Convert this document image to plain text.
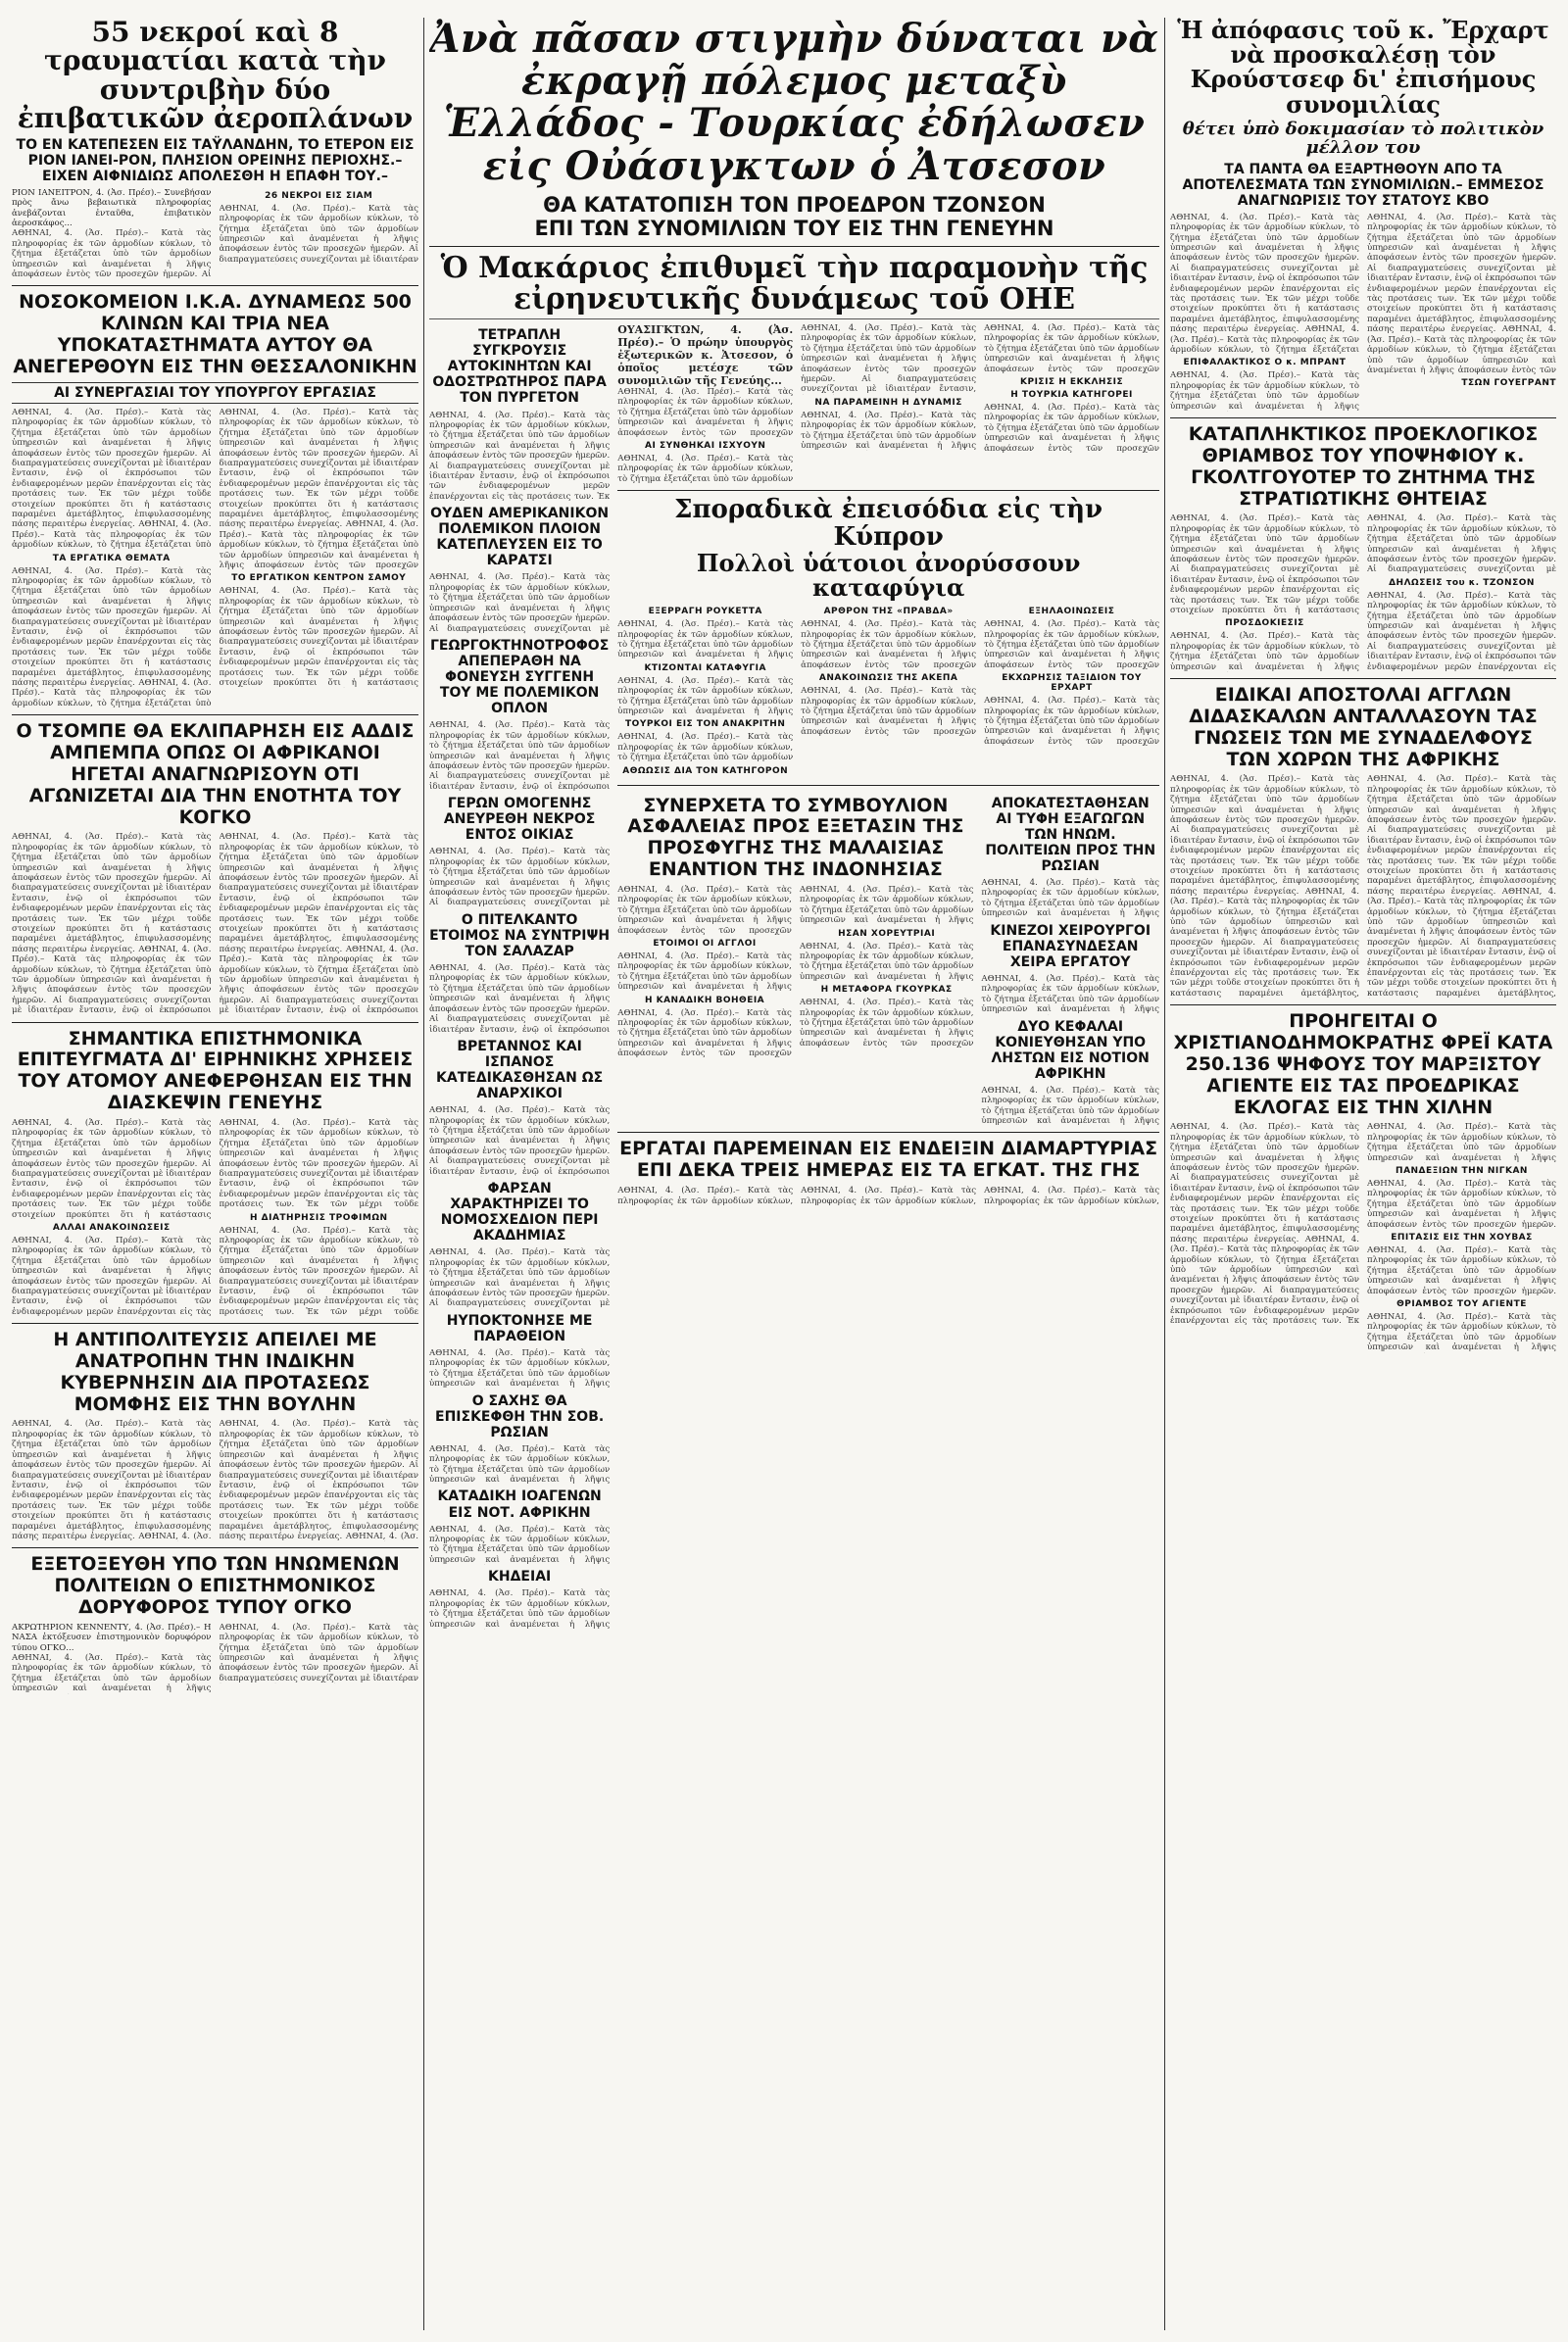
55 νεκροί καὶ 8 τραυματίαι κατὰ τὴν συντριβὴν δύο ἐπιβατικῶν ἀεροπλάνων

ΤΟ ΕΝ ΚΑΤΕΠΕΣΕΝ ΕΙΣ ΤΑΫΛΑΝΔΗΝ, ΤΟ ΕΤΕΡΟΝ ΕΙΣ ΡΙΟΝ ΙΑΝΕΙ-ΡΟΝ, ΠΛΗΣΙΟΝ ΟΡΕΙΝΗΣ ΠΕΡΙΟΧΗΣ.– ΕΙΧΕΝ ΑΙΦΝΙΔΙΩΣ ΑΠΟΛΕΣΘΗ Η ΕΠΑΦΗ ΤΟΥ.–

ΡΙΟΝ ΙΑΝΕΙΤΡΟΝ, 4. (Ἀσ. Πρέσ).– Συνεβήσαν πρὸς ἄνω βεβαιωτικὰ πληροφορίας ἀνεβάζονται ἐνταῦθα, ἐπιβατικὸν ἀεροσκάφος...

ΑΘΗΝΑΙ, 4. (Ἀσ. Πρέσ).– Κατὰ τὰς πληροφορίας ἐκ τῶν ἁρμοδίων κύκλων, τὸ ζήτημα ἐξετάζεται ὑπὸ τῶν ἀρμοδίων ὑπηρεσιῶν καὶ ἀναμένεται ἡ λῆψις ἀποφάσεων ἐντὸς τῶν προσεχῶν ἡμερῶν. Αἱ

26 ΝΕΚΡΟΙ ΕΙΣ ΣΙΑΜ

ΑΘΗΝΑΙ, 4. (Ἀσ. Πρέσ).– Κατὰ τὰς πληροφορίας ἐκ τῶν ἁρμοδίων κύκλων, τὸ ζήτημα ἐξετάζεται ὑπὸ τῶν ἀρμοδίων ὑπηρεσιῶν καὶ ἀναμένεται ἡ λῆψις ἀποφάσεων ἐντὸς τῶν προσεχῶν ἡμερῶν. Αἱ διαπραγματεύσεις συνεχίζονται μὲ ἰδιαιτέραν

ΝΟΣΟΚΟΜΕΙΟΝ Ι.Κ.Α. ΔΥΝΑΜΕΩΣ 500 ΚΛΙΝΩΝ ΚΑΙ ΤΡΙΑ ΝΕΑ ΥΠΟΚΑΤΑΣΤΗΜΑΤΑ ΑΥΤΟΥ ΘΑ ΑΝΕΓΕΡΘΟΥΝ ΕΙΣ ΤΗΝ ΘΕΣΣΑΛΟΝΙΚΗΝ

ΑΙ ΣΥΝΕΡΓΑΣΙΑΙ ΤΟΥ ΥΠΟΥΡΓΟΥ ΕΡΓΑΣΙΑΣ

ΑΘΗΝΑΙ, 4. (Ἀσ. Πρέσ).– Κατὰ τὰς πληροφορίας ἐκ τῶν ἁρμοδίων κύκλων, τὸ ζήτημα ἐξετάζεται ὑπὸ τῶν ἀρμοδίων ὑπηρεσιῶν καὶ ἀναμένεται ἡ λῆψις ἀποφάσεων ἐντὸς τῶν προσεχῶν ἡμερῶν. Αἱ διαπραγματεύσεις συνεχίζονται μὲ ἰδιαιτέραν ἔντασιν, ἐνῷ οἱ ἐκπρόσωποι τῶν ἐνδιαφερομένων μερῶν ἐπανέρχονται εἰς τὰς προτάσεις των. Ἐκ τῶν μέχρι τοῦδε στοιχείων προκύπτει ὅτι ἡ κατάστασις παραμένει ἀμετάβλητος, ἐπιφυλασσομένης πάσης περαιτέρω ἐνεργείας. ΑΘΗΝΑΙ, 4. (Ἀσ. Πρέσ).– Κατὰ τὰς πληροφορίας ἐκ τῶν ἁρμοδίων κύκλων, τὸ ζήτημα ἐξετάζεται ὑπὸ

ΤΑ ΕΡΓΑΤΙΚΑ ΘΕΜΑΤΑ

ΑΘΗΝΑΙ, 4. (Ἀσ. Πρέσ).– Κατὰ τὰς πληροφορίας ἐκ τῶν ἁρμοδίων κύκλων, τὸ ζήτημα ἐξετάζεται ὑπὸ τῶν ἀρμοδίων ὑπηρεσιῶν καὶ ἀναμένεται ἡ λῆψις ἀποφάσεων ἐντὸς τῶν προσεχῶν ἡμερῶν. Αἱ διαπραγματεύσεις συνεχίζονται μὲ ἰδιαιτέραν ἔντασιν, ἐνῷ οἱ ἐκπρόσωποι τῶν ἐνδιαφερομένων μερῶν ἐπανέρχονται εἰς τὰς προτάσεις των. Ἐκ τῶν μέχρι τοῦδε στοιχείων προκύπτει ὅτι ἡ κατάστασις παραμένει ἀμετάβλητος, ἐπιφυλασσομένης πάσης περαιτέρω ἐνεργείας. ΑΘΗΝΑΙ, 4. (Ἀσ. Πρέσ).– Κατὰ τὰς πληροφορίας ἐκ τῶν ἁρμοδίων κύκλων, τὸ ζήτημα ἐξετάζεται ὑπὸ

ΑΘΗΝΑΙ, 4. (Ἀσ. Πρέσ).– Κατὰ τὰς πληροφορίας ἐκ τῶν ἁρμοδίων κύκλων, τὸ ζήτημα ἐξετάζεται ὑπὸ τῶν ἀρμοδίων ὑπηρεσιῶν καὶ ἀναμένεται ἡ λῆψις ἀποφάσεων ἐντὸς τῶν προσεχῶν ἡμερῶν. Αἱ διαπραγματεύσεις συνεχίζονται μὲ ἰδιαιτέραν ἔντασιν, ἐνῷ οἱ ἐκπρόσωποι τῶν ἐνδιαφερομένων μερῶν ἐπανέρχονται εἰς τὰς προτάσεις των. Ἐκ τῶν μέχρι τοῦδε στοιχείων προκύπτει ὅτι ἡ κατάστασις παραμένει ἀμετάβλητος, ἐπιφυλασσομένης πάσης περαιτέρω ἐνεργείας. ΑΘΗΝΑΙ, 4. (Ἀσ. Πρέσ).– Κατὰ τὰς πληροφορίας ἐκ τῶν ἁρμοδίων κύκλων, τὸ ζήτημα ἐξετάζεται ὑπὸ τῶν ἀρμοδίων ὑπηρεσιῶν καὶ ἀναμένεται ἡ λῆψις ἀποφάσεων ἐντὸς τῶν προσεχῶν

ΤΟ ΕΡΓΑΤΙΚΟΝ ΚΕΝΤΡΟΝ ΣΑΜΟΥ

ΑΘΗΝΑΙ, 4. (Ἀσ. Πρέσ).– Κατὰ τὰς πληροφορίας ἐκ τῶν ἁρμοδίων κύκλων, τὸ ζήτημα ἐξετάζεται ὑπὸ τῶν ἀρμοδίων ὑπηρεσιῶν καὶ ἀναμένεται ἡ λῆψις ἀποφάσεων ἐντὸς τῶν προσεχῶν ἡμερῶν. Αἱ διαπραγματεύσεις συνεχίζονται μὲ ἰδιαιτέραν ἔντασιν, ἐνῷ οἱ ἐκπρόσωποι τῶν ἐνδιαφερομένων μερῶν ἐπανέρχονται εἰς τὰς προτάσεις των. Ἐκ τῶν μέχρι τοῦδε στοιχείων προκύπτει ὅτι ἡ κατάστασις

Ο ΤΣΟΜΠΕ ΘΑ ΕΚΛΙΠΑΡΗΣΗ ΕΙΣ ΑΔΔΙΣ ΑΜΠΕΜΠΑ ΟΠΩΣ ΟΙ ΑΦΡΙΚΑΝΟΙ ΗΓΕΤΑΙ ΑΝΑΓΝΩΡΙΣΟΥΝ ΟΤΙ ΑΓΩΝΙΖΕΤΑΙ ΔΙΑ ΤΗΝ ΕΝΟΤΗΤΑ ΤΟΥ ΚΟΓΚΟ

ΑΘΗΝΑΙ, 4. (Ἀσ. Πρέσ).– Κατὰ τὰς πληροφορίας ἐκ τῶν ἁρμοδίων κύκλων, τὸ ζήτημα ἐξετάζεται ὑπὸ τῶν ἀρμοδίων ὑπηρεσιῶν καὶ ἀναμένεται ἡ λῆψις ἀποφάσεων ἐντὸς τῶν προσεχῶν ἡμερῶν. Αἱ διαπραγματεύσεις συνεχίζονται μὲ ἰδιαιτέραν ἔντασιν, ἐνῷ οἱ ἐκπρόσωποι τῶν ἐνδιαφερομένων μερῶν ἐπανέρχονται εἰς τὰς προτάσεις των. Ἐκ τῶν μέχρι τοῦδε στοιχείων προκύπτει ὅτι ἡ κατάστασις παραμένει ἀμετάβλητος, ἐπιφυλασσομένης πάσης περαιτέρω ἐνεργείας. ΑΘΗΝΑΙ, 4. (Ἀσ. Πρέσ).– Κατὰ τὰς πληροφορίας ἐκ τῶν ἁρμοδίων κύκλων, τὸ ζήτημα ἐξετάζεται ὑπὸ τῶν ἀρμοδίων ὑπηρεσιῶν καὶ ἀναμένεται ἡ λῆψις ἀποφάσεων ἐντὸς τῶν προσεχῶν ἡμερῶν. Αἱ διαπραγματεύσεις συνεχίζονται μὲ ἰδιαιτέραν ἔντασιν, ἐνῷ οἱ ἐκπρόσωποι

ΑΘΗΝΑΙ, 4. (Ἀσ. Πρέσ).– Κατὰ τὰς πληροφορίας ἐκ τῶν ἁρμοδίων κύκλων, τὸ ζήτημα ἐξετάζεται ὑπὸ τῶν ἀρμοδίων ὑπηρεσιῶν καὶ ἀναμένεται ἡ λῆψις ἀποφάσεων ἐντὸς τῶν προσεχῶν ἡμερῶν. Αἱ διαπραγματεύσεις συνεχίζονται μὲ ἰδιαιτέραν ἔντασιν, ἐνῷ οἱ ἐκπρόσωποι τῶν ἐνδιαφερομένων μερῶν ἐπανέρχονται εἰς τὰς προτάσεις των. Ἐκ τῶν μέχρι τοῦδε στοιχείων προκύπτει ὅτι ἡ κατάστασις παραμένει ἀμετάβλητος, ἐπιφυλασσομένης πάσης περαιτέρω ἐνεργείας. ΑΘΗΝΑΙ, 4. (Ἀσ. Πρέσ).– Κατὰ τὰς πληροφορίας ἐκ τῶν ἁρμοδίων κύκλων, τὸ ζήτημα ἐξετάζεται ὑπὸ τῶν ἀρμοδίων ὑπηρεσιῶν καὶ ἀναμένεται ἡ λῆψις ἀποφάσεων ἐντὸς τῶν προσεχῶν ἡμερῶν. Αἱ διαπραγματεύσεις συνεχίζονται μὲ ἰδιαιτέραν ἔντασιν, ἐνῷ οἱ ἐκπρόσωποι

ΣΗΜΑΝΤΙΚΑ ΕΠΙΣΤΗΜΟΝΙΚΑ ΕΠΙΤΕΥΓΜΑΤΑ ΔΙ' ΕΙΡΗΝΙΚΗΣ ΧΡΗΣΕΙΣ ΤΟΥ ΑΤΟΜΟΥ ΑΝΕΦΕΡΘΗΣΑΝ ΕΙΣ ΤΗΝ ΔΙΑΣΚΕΨΙΝ ΓΕΝΕΥΗΣ

ΑΘΗΝΑΙ, 4. (Ἀσ. Πρέσ).– Κατὰ τὰς πληροφορίας ἐκ τῶν ἁρμοδίων κύκλων, τὸ ζήτημα ἐξετάζεται ὑπὸ τῶν ἀρμοδίων ὑπηρεσιῶν καὶ ἀναμένεται ἡ λῆψις ἀποφάσεων ἐντὸς τῶν προσεχῶν ἡμερῶν. Αἱ διαπραγματεύσεις συνεχίζονται μὲ ἰδιαιτέραν ἔντασιν, ἐνῷ οἱ ἐκπρόσωποι τῶν ἐνδιαφερομένων μερῶν ἐπανέρχονται εἰς τὰς προτάσεις των. Ἐκ τῶν μέχρι τοῦδε στοιχείων προκύπτει ὅτι ἡ κατάστασις

ΑΛΛΑΙ ΑΝΑΚΟΙΝΩΣΕΙΣ

ΑΘΗΝΑΙ, 4. (Ἀσ. Πρέσ).– Κατὰ τὰς πληροφορίας ἐκ τῶν ἁρμοδίων κύκλων, τὸ ζήτημα ἐξετάζεται ὑπὸ τῶν ἀρμοδίων ὑπηρεσιῶν καὶ ἀναμένεται ἡ λῆψις ἀποφάσεων ἐντὸς τῶν προσεχῶν ἡμερῶν. Αἱ διαπραγματεύσεις συνεχίζονται μὲ ἰδιαιτέραν ἔντασιν, ἐνῷ οἱ ἐκπρόσωποι τῶν ἐνδιαφερομένων μερῶν ἐπανέρχονται εἰς τὰς

ΑΘΗΝΑΙ, 4. (Ἀσ. Πρέσ).– Κατὰ τὰς πληροφορίας ἐκ τῶν ἁρμοδίων κύκλων, τὸ ζήτημα ἐξετάζεται ὑπὸ τῶν ἀρμοδίων ὑπηρεσιῶν καὶ ἀναμένεται ἡ λῆψις ἀποφάσεων ἐντὸς τῶν προσεχῶν ἡμερῶν. Αἱ διαπραγματεύσεις συνεχίζονται μὲ ἰδιαιτέραν ἔντασιν, ἐνῷ οἱ ἐκπρόσωποι τῶν ἐνδιαφερομένων μερῶν ἐπανέρχονται εἰς τὰς προτάσεις των. Ἐκ τῶν μέχρι τοῦδε

Η ΔΙΑΤΗΡΗΣΙΣ ΤΡΟΦΙΜΩΝ

ΑΘΗΝΑΙ, 4. (Ἀσ. Πρέσ).– Κατὰ τὰς πληροφορίας ἐκ τῶν ἁρμοδίων κύκλων, τὸ ζήτημα ἐξετάζεται ὑπὸ τῶν ἀρμοδίων ὑπηρεσιῶν καὶ ἀναμένεται ἡ λῆψις ἀποφάσεων ἐντὸς τῶν προσεχῶν ἡμερῶν. Αἱ διαπραγματεύσεις συνεχίζονται μὲ ἰδιαιτέραν ἔντασιν, ἐνῷ οἱ ἐκπρόσωποι τῶν ἐνδιαφερομένων μερῶν ἐπανέρχονται εἰς τὰς προτάσεις των. Ἐκ τῶν μέχρι τοῦδε

Η ΑΝΤΙΠΟΛΙΤΕΥΣΙΣ ΑΠΕΙΛΕΙ ΜΕ ΑΝΑΤΡΟΠΗΝ ΤΗΝ ΙΝΔΙΚΗΝ ΚΥΒΕΡΝΗΣΙΝ ΔΙΑ ΠΡΟΤΑΣΕΩΣ ΜΟΜΦΗΣ ΕΙΣ ΤΗΝ ΒΟΥΛΗΝ

ΑΘΗΝΑΙ, 4. (Ἀσ. Πρέσ).– Κατὰ τὰς πληροφορίας ἐκ τῶν ἁρμοδίων κύκλων, τὸ ζήτημα ἐξετάζεται ὑπὸ τῶν ἀρμοδίων ὑπηρεσιῶν καὶ ἀναμένεται ἡ λῆψις ἀποφάσεων ἐντὸς τῶν προσεχῶν ἡμερῶν. Αἱ διαπραγματεύσεις συνεχίζονται μὲ ἰδιαιτέραν ἔντασιν, ἐνῷ οἱ ἐκπρόσωποι τῶν ἐνδιαφερομένων μερῶν ἐπανέρχονται εἰς τὰς προτάσεις των. Ἐκ τῶν μέχρι τοῦδε στοιχείων προκύπτει ὅτι ἡ κατάστασις παραμένει ἀμετάβλητος, ἐπιφυλασσομένης πάσης περαιτέρω ἐνεργείας. ΑΘΗΝΑΙ, 4. (Ἀσ.

ΑΘΗΝΑΙ, 4. (Ἀσ. Πρέσ).– Κατὰ τὰς πληροφορίας ἐκ τῶν ἁρμοδίων κύκλων, τὸ ζήτημα ἐξετάζεται ὑπὸ τῶν ἀρμοδίων ὑπηρεσιῶν καὶ ἀναμένεται ἡ λῆψις ἀποφάσεων ἐντὸς τῶν προσεχῶν ἡμερῶν. Αἱ διαπραγματεύσεις συνεχίζονται μὲ ἰδιαιτέραν ἔντασιν, ἐνῷ οἱ ἐκπρόσωποι τῶν ἐνδιαφερομένων μερῶν ἐπανέρχονται εἰς τὰς προτάσεις των. Ἐκ τῶν μέχρι τοῦδε στοιχείων προκύπτει ὅτι ἡ κατάστασις παραμένει ἀμετάβλητος, ἐπιφυλασσομένης πάσης περαιτέρω ἐνεργείας. ΑΘΗΝΑΙ, 4. (Ἀσ.

ΕΞΕΤΟΞΕΥΘΗ ΥΠΟ ΤΩΝ ΗΝΩΜΕΝΩΝ ΠΟΛΙΤΕΙΩΝ Ο ΕΠΙΣΤΗΜΟΝΙΚΟΣ ΔΟΡΥΦΟΡΟΣ ΤΥΠΟΥ ΟΓΚΟ

ΑΚΡΩΤΗΡΙΟΝ ΚΕΝΝΕΝΤΥ, 4. (Ἀσ. Πρέσ).– Η ΝΑΣΑ ἐκτόξευσεν ἐπιστημονικὸν δορυφόρον τύπου ΟΓΚΟ...

ΑΘΗΝΑΙ, 4. (Ἀσ. Πρέσ).– Κατὰ τὰς πληροφορίας ἐκ τῶν ἁρμοδίων κύκλων, τὸ ζήτημα ἐξετάζεται ὑπὸ τῶν ἀρμοδίων ὑπηρεσιῶν καὶ ἀναμένεται ἡ λῆψις

ΑΘΗΝΑΙ, 4. (Ἀσ. Πρέσ).– Κατὰ τὰς πληροφορίας ἐκ τῶν ἁρμοδίων κύκλων, τὸ ζήτημα ἐξετάζεται ὑπὸ τῶν ἀρμοδίων ὑπηρεσιῶν καὶ ἀναμένεται ἡ λῆψις ἀποφάσεων ἐντὸς τῶν προσεχῶν ἡμερῶν. Αἱ διαπραγματεύσεις συνεχίζονται μὲ ἰδιαιτέραν

Ἀνὰ πᾶσαν στιγμὴν δύναται νὰ ἐκραγῇ πόλεμος μεταξὺ Ἑλλάδος - Τουρκίας ἐδήλωσεν εἰς Οὐάσιγκτων ὁ Ἀτσεσον

ΘΑ ΚΑΤΑΤΟΠΙΣΗ ΤΟΝ ΠΡΟΕΔΡΟΝ ΤΖΟΝΣΟΝ

ΕΠΙ ΤΩΝ ΣΥΝΟΜΙΛΙΩΝ ΤΟΥ ΕΙΣ ΤΗΝ ΓΕΝΕΥΗΝ

Ὁ Μακάριος ἐπιθυμεῖ τὴν παραμονὴν τῆς εἰρηνευτικῆς δυνάμεως τοῦ ΟΗΕ

ΤΕΤΡΑΠΛΗ ΣΥΓΚΡΟΥΣΙΣ ΑΥΤΟΚΙΝΗΤΩΝ ΚΑΙ ΟΔΟΣΤΡΩΤΗΡΟΣ ΠΑΡΑ ΤΟΝ ΠΥΡΓΕΤΟΝ

ΑΘΗΝΑΙ, 4. (Ἀσ. Πρέσ).– Κατὰ τὰς πληροφορίας ἐκ τῶν ἁρμοδίων κύκλων, τὸ ζήτημα ἐξετάζεται ὑπὸ τῶν ἀρμοδίων ὑπηρεσιῶν καὶ ἀναμένεται ἡ λῆψις ἀποφάσεων ἐντὸς τῶν προσεχῶν ἡμερῶν. Αἱ διαπραγματεύσεις συνεχίζονται μὲ ἰδιαιτέραν ἔντασιν, ἐνῷ οἱ ἐκπρόσωποι τῶν ἐνδιαφερομένων μερῶν ἐπανέρχονται εἰς τὰς προτάσεις των. Ἐκ

ΟΥΔΕΝ ΑΜΕΡΙΚΑΝΙΚΟΝ ΠΟΛΕΜΙΚΟΝ ΠΛΟΙΟΝ ΚΑΤΕΠΛΕΥΣΕΝ ΕΙΣ ΤΟ ΚΑΡΑΤΣΙ

ΑΘΗΝΑΙ, 4. (Ἀσ. Πρέσ).– Κατὰ τὰς πληροφορίας ἐκ τῶν ἁρμοδίων κύκλων, τὸ ζήτημα ἐξετάζεται ὑπὸ τῶν ἀρμοδίων ὑπηρεσιῶν καὶ ἀναμένεται ἡ λῆψις ἀποφάσεων ἐντὸς τῶν προσεχῶν ἡμερῶν. Αἱ διαπραγματεύσεις συνεχίζονται μὲ

ΓΕΩΡΓΟΚΤΗΝΟΤΡΟΦΟΣ ΑΠΕΠΕΡΑΘΗ ΝΑ ΦΟΝΕΥΣΗ ΣΥΓΓΕΝΗ ΤΟΥ ΜΕ ΠΟΛΕΜΙΚΟΝ ΟΠΛΟΝ

ΑΘΗΝΑΙ, 4. (Ἀσ. Πρέσ).– Κατὰ τὰς πληροφορίας ἐκ τῶν ἁρμοδίων κύκλων, τὸ ζήτημα ἐξετάζεται ὑπὸ τῶν ἀρμοδίων ὑπηρεσιῶν καὶ ἀναμένεται ἡ λῆψις ἀποφάσεων ἐντὸς τῶν προσεχῶν ἡμερῶν. Αἱ διαπραγματεύσεις συνεχίζονται μὲ ἰδιαιτέραν ἔντασιν, ἐνῷ οἱ ἐκπρόσωποι

ΓΕΡΩΝ ΟΜΟΓΕΝΗΣ ΑΝΕΥΡΕΘΗ ΝΕΚΡΟΣ ΕΝΤΟΣ ΟΙΚΙΑΣ

ΑΘΗΝΑΙ, 4. (Ἀσ. Πρέσ).– Κατὰ τὰς πληροφορίας ἐκ τῶν ἁρμοδίων κύκλων, τὸ ζήτημα ἐξετάζεται ὑπὸ τῶν ἀρμοδίων ὑπηρεσιῶν καὶ ἀναμένεται ἡ λῆψις ἀποφάσεων ἐντὸς τῶν προσεχῶν ἡμερῶν. Αἱ διαπραγματεύσεις συνεχίζονται μὲ

Ο ΠΙΤΕΛΚΑΝΤΟ ΕΤΟΙΜΟΣ ΝΑ ΣΥΝΤΡΙΨΗ ΤΟΝ ΣΑΛΑΖΑΡ

ΑΘΗΝΑΙ, 4. (Ἀσ. Πρέσ).– Κατὰ τὰς πληροφορίας ἐκ τῶν ἁρμοδίων κύκλων, τὸ ζήτημα ἐξετάζεται ὑπὸ τῶν ἀρμοδίων ὑπηρεσιῶν καὶ ἀναμένεται ἡ λῆψις ἀποφάσεων ἐντὸς τῶν προσεχῶν ἡμερῶν. Αἱ διαπραγματεύσεις συνεχίζονται μὲ ἰδιαιτέραν ἔντασιν, ἐνῷ οἱ ἐκπρόσωποι

ΒΡΕΤΑΝΝΟΣ ΚΑΙ ΙΣΠΑΝΟΣ ΚΑΤΕΔΙΚΑΣΘΗΣΑΝ ΩΣ ΑΝΑΡΧΙΚΟΙ

ΑΘΗΝΑΙ, 4. (Ἀσ. Πρέσ).– Κατὰ τὰς πληροφορίας ἐκ τῶν ἁρμοδίων κύκλων, τὸ ζήτημα ἐξετάζεται ὑπὸ τῶν ἀρμοδίων ὑπηρεσιῶν καὶ ἀναμένεται ἡ λῆψις ἀποφάσεων ἐντὸς τῶν προσεχῶν ἡμερῶν. Αἱ διαπραγματεύσεις συνεχίζονται μὲ ἰδιαιτέραν ἔντασιν, ἐνῷ οἱ ἐκπρόσωποι

ΦΑΡΣΑΝ ΧΑΡΑΚΤΗΡΙΖΕΙ ΤΟ ΝΟΜΟΣΧΕΔΙΟΝ ΠΕΡΙ ΑΚΑΔΗΜΙΑΣ

ΑΘΗΝΑΙ, 4. (Ἀσ. Πρέσ).– Κατὰ τὰς πληροφορίας ἐκ τῶν ἁρμοδίων κύκλων, τὸ ζήτημα ἐξετάζεται ὑπὸ τῶν ἀρμοδίων ὑπηρεσιῶν καὶ ἀναμένεται ἡ λῆψις ἀποφάσεων ἐντὸς τῶν προσεχῶν ἡμερῶν. Αἱ διαπραγματεύσεις συνεχίζονται μὲ

ΗΥΠΟΚΤΟΝΗΣΕ ΜΕ ΠΑΡΑΘΕΙΟΝ

ΑΘΗΝΑΙ, 4. (Ἀσ. Πρέσ).– Κατὰ τὰς πληροφορίας ἐκ τῶν ἁρμοδίων κύκλων, τὸ ζήτημα ἐξετάζεται ὑπὸ τῶν ἀρμοδίων ὑπηρεσιῶν καὶ ἀναμένεται ἡ λῆψις

Ο ΣΑΧΗΣ ΘΑ ΕΠΙΣΚΕΦΘΗ ΤΗΝ ΣΟΒ. ΡΩΣΙΑΝ

ΑΘΗΝΑΙ, 4. (Ἀσ. Πρέσ).– Κατὰ τὰς πληροφορίας ἐκ τῶν ἁρμοδίων κύκλων, τὸ ζήτημα ἐξετάζεται ὑπὸ τῶν ἀρμοδίων ὑπηρεσιῶν καὶ ἀναμένεται ἡ λῆψις

ΚΑΤΑΔΙΚΗ ΙΟΑΓΕΝΩΝ ΕΙΣ ΝΟΤ. ΑΦΡΙΚΗΝ

ΑΘΗΝΑΙ, 4. (Ἀσ. Πρέσ).– Κατὰ τὰς πληροφορίας ἐκ τῶν ἁρμοδίων κύκλων, τὸ ζήτημα ἐξετάζεται ὑπὸ τῶν ἀρμοδίων ὑπηρεσιῶν καὶ ἀναμένεται ἡ λῆψις

ΚΗΔΕΙΑΙ

ΑΘΗΝΑΙ, 4. (Ἀσ. Πρέσ).– Κατὰ τὰς πληροφορίας ἐκ τῶν ἁρμοδίων κύκλων, τὸ ζήτημα ἐξετάζεται ὑπὸ τῶν ἀρμοδίων ὑπηρεσιῶν καὶ ἀναμένεται ἡ λῆψις

ΟΥΑΣΙΓΚΤΩΝ, 4. (Ἀσ. Πρέσ).– Ὁ πρώην ὑπουργὸς ἐξωτερικῶν κ. Ἀτσεσον, ὁ ὁποῖος μετέσχε τῶν συνομιλιῶν τῆς Γενεύης...

ΑΘΗΝΑΙ, 4. (Ἀσ. Πρέσ).– Κατὰ τὰς πληροφορίας ἐκ τῶν ἁρμοδίων κύκλων, τὸ ζήτημα ἐξετάζεται ὑπὸ τῶν ἀρμοδίων ὑπηρεσιῶν καὶ ἀναμένεται ἡ λῆψις ἀποφάσεων ἐντὸς τῶν προσεχῶν

ΑΙ ΣΥΝΘΗΚΑΙ ΙΣΧΥΟΥΝ

ΑΘΗΝΑΙ, 4. (Ἀσ. Πρέσ).– Κατὰ τὰς πληροφορίας ἐκ τῶν ἁρμοδίων κύκλων, τὸ ζήτημα ἐξετάζεται ὑπὸ τῶν ἀρμοδίων

ΑΘΗΝΑΙ, 4. (Ἀσ. Πρέσ).– Κατὰ τὰς πληροφορίας ἐκ τῶν ἁρμοδίων κύκλων, τὸ ζήτημα ἐξετάζεται ὑπὸ τῶν ἀρμοδίων ὑπηρεσιῶν καὶ ἀναμένεται ἡ λῆψις ἀποφάσεων ἐντὸς τῶν προσεχῶν ἡμερῶν. Αἱ διαπραγματεύσεις συνεχίζονται μὲ ἰδιαιτέραν ἔντασιν,

ΝΑ ΠΑΡΑΜΕΙΝΗ Η ΔΥΝΑΜΙΣ

ΑΘΗΝΑΙ, 4. (Ἀσ. Πρέσ).– Κατὰ τὰς πληροφορίας ἐκ τῶν ἁρμοδίων κύκλων, τὸ ζήτημα ἐξετάζεται ὑπὸ τῶν ἀρμοδίων ὑπηρεσιῶν καὶ ἀναμένεται ἡ λῆψις

ΑΘΗΝΑΙ, 4. (Ἀσ. Πρέσ).– Κατὰ τὰς πληροφορίας ἐκ τῶν ἁρμοδίων κύκλων, τὸ ζήτημα ἐξετάζεται ὑπὸ τῶν ἀρμοδίων ὑπηρεσιῶν καὶ ἀναμένεται ἡ λῆψις ἀποφάσεων ἐντὸς τῶν προσεχῶν

ΚΡΙΣΙΣ Η ΕΚΚΛΗΣΙΣ

Η ΤΟΥΡΚΙΑ ΚΑΤΗΓΟΡΕΙ

ΑΘΗΝΑΙ, 4. (Ἀσ. Πρέσ).– Κατὰ τὰς πληροφορίας ἐκ τῶν ἁρμοδίων κύκλων, τὸ ζήτημα ἐξετάζεται ὑπὸ τῶν ἀρμοδίων ὑπηρεσιῶν καὶ ἀναμένεται ἡ λῆψις ἀποφάσεων ἐντὸς τῶν προσεχῶν

Σποραδικὰ ἐπεισόδια εἰς τὴν Κύπρον
Πολλοὶ ὑάτοιοι ἀνορύσσουν καταφύγια

ΕΞΕΡΡΑΓΗ ΡΟΥΚΕΤΤΑ

ΑΘΗΝΑΙ, 4. (Ἀσ. Πρέσ).– Κατὰ τὰς πληροφορίας ἐκ τῶν ἁρμοδίων κύκλων, τὸ ζήτημα ἐξετάζεται ὑπὸ τῶν ἀρμοδίων ὑπηρεσιῶν καὶ ἀναμένεται ἡ λῆψις

ΚΤΙΖΟΝΤΑΙ ΚΑΤΑΦΥΓΙΑ

ΑΘΗΝΑΙ, 4. (Ἀσ. Πρέσ).– Κατὰ τὰς πληροφορίας ἐκ τῶν ἁρμοδίων κύκλων, τὸ ζήτημα ἐξετάζεται ὑπὸ τῶν ἀρμοδίων ὑπηρεσιῶν καὶ ἀναμένεται ἡ λῆψις

ΤΟΥΡΚΟΙ ΕΙΣ ΤΟΝ ΑΝΑΚΡΙΤΗΝ

ΑΘΗΝΑΙ, 4. (Ἀσ. Πρέσ).– Κατὰ τὰς πληροφορίας ἐκ τῶν ἁρμοδίων κύκλων, τὸ ζήτημα ἐξετάζεται ὑπὸ τῶν ἀρμοδίων

ΑΘΩΩΣΙΣ ΔΙΑ ΤΟΝ ΚΑΤΗΓΟΡΟΝ

ΑΡΘΡΟΝ ΤΗΣ «ΠΡΑΒΔΑ»

ΑΘΗΝΑΙ, 4. (Ἀσ. Πρέσ).– Κατὰ τὰς πληροφορίας ἐκ τῶν ἁρμοδίων κύκλων, τὸ ζήτημα ἐξετάζεται ὑπὸ τῶν ἀρμοδίων ὑπηρεσιῶν καὶ ἀναμένεται ἡ λῆψις ἀποφάσεων ἐντὸς τῶν προσεχῶν

ΑΝΑΚΟΙΝΩΣΙΣ ΤΗΣ ΑΚΕΠΑ

ΑΘΗΝΑΙ, 4. (Ἀσ. Πρέσ).– Κατὰ τὰς πληροφορίας ἐκ τῶν ἁρμοδίων κύκλων, τὸ ζήτημα ἐξετάζεται ὑπὸ τῶν ἀρμοδίων ὑπηρεσιῶν καὶ ἀναμένεται ἡ λῆψις ἀποφάσεων ἐντὸς τῶν προσεχῶν

ΕΞΗΛΑΟΙΝΩΣΕΙΣ

ΑΘΗΝΑΙ, 4. (Ἀσ. Πρέσ).– Κατὰ τὰς πληροφορίας ἐκ τῶν ἁρμοδίων κύκλων, τὸ ζήτημα ἐξετάζεται ὑπὸ τῶν ἀρμοδίων ὑπηρεσιῶν καὶ ἀναμένεται ἡ λῆψις ἀποφάσεων ἐντὸς τῶν προσεχῶν

ΕΚΧΩΡΗΣΙΣ ΤΑΞΙΔΙΟΝ ΤΟΥ ΕΡΧΑΡΤ

ΑΘΗΝΑΙ, 4. (Ἀσ. Πρέσ).– Κατὰ τὰς πληροφορίας ἐκ τῶν ἁρμοδίων κύκλων, τὸ ζήτημα ἐξετάζεται ὑπὸ τῶν ἀρμοδίων ὑπηρεσιῶν καὶ ἀναμένεται ἡ λῆψις ἀποφάσεων ἐντὸς τῶν προσεχῶν

ΣΥΝΕΡΧΕΤΑ ΤΟ ΣΥΜΒΟΥΛΙΟΝ ΑΣΦΑΛΕΙΑΣ ΠΡΟΣ ΕΞΕΤΑΣΙΝ ΤΗΣ ΠΡΟΣΦΥΓΗΣ ΤΗΣ ΜΑΛΑΙΣΙΑΣ ΕΝΑΝΤΙΟΝ ΤΗΣ ΙΝΔΟΝΗΣΙΑΣ

ΑΘΗΝΑΙ, 4. (Ἀσ. Πρέσ).– Κατὰ τὰς πληροφορίας ἐκ τῶν ἁρμοδίων κύκλων, τὸ ζήτημα ἐξετάζεται ὑπὸ τῶν ἀρμοδίων ὑπηρεσιῶν καὶ ἀναμένεται ἡ λῆψις ἀποφάσεων ἐντὸς τῶν προσεχῶν

ΕΤΟΙΜΟΙ ΟΙ ΑΓΓΛΟΙ

ΑΘΗΝΑΙ, 4. (Ἀσ. Πρέσ).– Κατὰ τὰς πληροφορίας ἐκ τῶν ἁρμοδίων κύκλων, τὸ ζήτημα ἐξετάζεται ὑπὸ τῶν ἀρμοδίων ὑπηρεσιῶν καὶ ἀναμένεται ἡ λῆψις

Η ΚΑΝΑΔΙΚΗ ΒΟΗΘΕΙΑ

ΑΘΗΝΑΙ, 4. (Ἀσ. Πρέσ).– Κατὰ τὰς πληροφορίας ἐκ τῶν ἁρμοδίων κύκλων, τὸ ζήτημα ἐξετάζεται ὑπὸ τῶν ἀρμοδίων ὑπηρεσιῶν καὶ ἀναμένεται ἡ λῆψις ἀποφάσεων ἐντὸς τῶν προσεχῶν

ΑΘΗΝΑΙ, 4. (Ἀσ. Πρέσ).– Κατὰ τὰς πληροφορίας ἐκ τῶν ἁρμοδίων κύκλων, τὸ ζήτημα ἐξετάζεται ὑπὸ τῶν ἀρμοδίων ὑπηρεσιῶν καὶ ἀναμένεται ἡ λῆψις

ΗΣΑΝ ΧΟΡΕΥΤΡΙΑΙ

ΑΘΗΝΑΙ, 4. (Ἀσ. Πρέσ).– Κατὰ τὰς πληροφορίας ἐκ τῶν ἁρμοδίων κύκλων, τὸ ζήτημα ἐξετάζεται ὑπὸ τῶν ἀρμοδίων ὑπηρεσιῶν καὶ ἀναμένεται ἡ λῆψις

Η ΜΕΤΑΦΟΡΑ ΓΚΟΥΡΚΑΣ

ΑΘΗΝΑΙ, 4. (Ἀσ. Πρέσ).– Κατὰ τὰς πληροφορίας ἐκ τῶν ἁρμοδίων κύκλων, τὸ ζήτημα ἐξετάζεται ὑπὸ τῶν ἀρμοδίων ὑπηρεσιῶν καὶ ἀναμένεται ἡ λῆψις ἀποφάσεων ἐντὸς τῶν προσεχῶν

ΑΠΟΚΑΤΕΣΤΑΘΗΣΑΝ ΑΙ ΤΥΦΗ ΕΞΑΓΩΓΩΝ ΤΩΝ ΗΝΩΜ. ΠΟΛΙΤΕΙΩΝ ΠΡΟΣ ΤΗΝ ΡΩΣΙΑΝ

ΑΘΗΝΑΙ, 4. (Ἀσ. Πρέσ).– Κατὰ τὰς πληροφορίας ἐκ τῶν ἁρμοδίων κύκλων, τὸ ζήτημα ἐξετάζεται ὑπὸ τῶν ἀρμοδίων ὑπηρεσιῶν καὶ ἀναμένεται ἡ λῆψις

ΚΙΝΕΖΟΙ ΧΕΙΡΟΥΡΓΟΙ ΕΠΑΝΑΣΥΝΔΕΣΑΝ ΧΕΙΡΑ ΕΡΓΑΤΟΥ

ΑΘΗΝΑΙ, 4. (Ἀσ. Πρέσ).– Κατὰ τὰς πληροφορίας ἐκ τῶν ἁρμοδίων κύκλων, τὸ ζήτημα ἐξετάζεται ὑπὸ τῶν ἀρμοδίων ὑπηρεσιῶν καὶ ἀναμένεται ἡ λῆψις

ΔΥΟ ΚΕΦΑΛΑΙ ΚΟΝΙΕΥΘΗΣΑΝ ΥΠΟ ΛΗΣΤΩΝ ΕΙΣ ΝΟΤΙΟΝ ΑΦΡΙΚΗΝ

ΑΘΗΝΑΙ, 4. (Ἀσ. Πρέσ).– Κατὰ τὰς πληροφορίας ἐκ τῶν ἁρμοδίων κύκλων, τὸ ζήτημα ἐξετάζεται ὑπὸ τῶν ἀρμοδίων ὑπηρεσιῶν καὶ ἀναμένεται ἡ λῆψις

ΕΡΓΑΤΑΙ ΠΑΡΕΜΕΙΝΑΝ ΕΙΣ ΕΝΔΕΙΞΙΝ ΔΙΑΜΑΡΤΥΡΙΑΣ ΕΠΙ ΔΕΚΑ ΤΡΕΙΣ ΗΜΕΡΑΣ ΕΙΣ ΤΑ ΕΓΚΑΤ. ΤΗΣ ΓΗΣ

ΑΘΗΝΑΙ, 4. (Ἀσ. Πρέσ).– Κατὰ τὰς πληροφορίας ἐκ τῶν ἁρμοδίων κύκλων,

ΑΘΗΝΑΙ, 4. (Ἀσ. Πρέσ).– Κατὰ τὰς πληροφορίας ἐκ τῶν ἁρμοδίων κύκλων,

ΑΘΗΝΑΙ, 4. (Ἀσ. Πρέσ).– Κατὰ τὰς πληροφορίας ἐκ τῶν ἁρμοδίων κύκλων,

Ἡ ἀπόφασις τοῦ κ. Ἔρχαρτ νὰ προσκαλέσῃ τὸν Κρούστσεφ δι' ἐπισήμους συνομιλίας

θέτει ὑπὸ δοκιμασίαν τὸ πολιτικὸν μέλλον του

ΤΑ ΠΑΝΤΑ ΘΑ ΕΞΑΡΤΗΘΟΥΝ ΑΠΟ ΤΑ ΑΠΟΤΕΛΕΣΜΑΤΑ ΤΩΝ ΣΥΝΟΜΙΛΙΩΝ.– ΕΜΜΕΣΟΣ ΑΝΑΓΝΩΡΙΣΙΣ ΤΟΥ ΣΤΑΤΟΥΣ ΚΒΟ

ΑΘΗΝΑΙ, 4. (Ἀσ. Πρέσ).– Κατὰ τὰς πληροφορίας ἐκ τῶν ἁρμοδίων κύκλων, τὸ ζήτημα ἐξετάζεται ὑπὸ τῶν ἀρμοδίων ὑπηρεσιῶν καὶ ἀναμένεται ἡ λῆψις ἀποφάσεων ἐντὸς τῶν προσεχῶν ἡμερῶν. Αἱ διαπραγματεύσεις συνεχίζονται μὲ ἰδιαιτέραν ἔντασιν, ἐνῷ οἱ ἐκπρόσωποι τῶν ἐνδιαφερομένων μερῶν ἐπανέρχονται εἰς τὰς προτάσεις των. Ἐκ τῶν μέχρι τοῦδε στοιχείων προκύπτει ὅτι ἡ κατάστασις παραμένει ἀμετάβλητος, ἐπιφυλασσομένης πάσης περαιτέρω ἐνεργείας. ΑΘΗΝΑΙ, 4. (Ἀσ. Πρέσ).– Κατὰ τὰς πληροφορίας ἐκ τῶν ἁρμοδίων κύκλων, τὸ ζήτημα ἐξετάζεται

ΕΠΙΦΑΛΑΚΤΙΚΟΣ Ο κ. ΜΠΡΑΝΤ

ΑΘΗΝΑΙ, 4. (Ἀσ. Πρέσ).– Κατὰ τὰς πληροφορίας ἐκ τῶν ἁρμοδίων κύκλων, τὸ ζήτημα ἐξετάζεται ὑπὸ τῶν ἀρμοδίων ὑπηρεσιῶν καὶ ἀναμένεται ἡ λῆψις

ΑΘΗΝΑΙ, 4. (Ἀσ. Πρέσ).– Κατὰ τὰς πληροφορίας ἐκ τῶν ἁρμοδίων κύκλων, τὸ ζήτημα ἐξετάζεται ὑπὸ τῶν ἀρμοδίων ὑπηρεσιῶν καὶ ἀναμένεται ἡ λῆψις ἀποφάσεων ἐντὸς τῶν προσεχῶν ἡμερῶν. Αἱ διαπραγματεύσεις συνεχίζονται μὲ ἰδιαιτέραν ἔντασιν, ἐνῷ οἱ ἐκπρόσωποι τῶν ἐνδιαφερομένων μερῶν ἐπανέρχονται εἰς τὰς προτάσεις των. Ἐκ τῶν μέχρι τοῦδε στοιχείων προκύπτει ὅτι ἡ κατάστασις παραμένει ἀμετάβλητος, ἐπιφυλασσομένης πάσης περαιτέρω ἐνεργείας. ΑΘΗΝΑΙ, 4. (Ἀσ. Πρέσ).– Κατὰ τὰς πληροφορίας ἐκ τῶν ἁρμοδίων κύκλων, τὸ ζήτημα ἐξετάζεται ὑπὸ τῶν ἀρμοδίων ὑπηρεσιῶν καὶ ἀναμένεται ἡ λῆψις ἀποφάσεων ἐντὸς τῶν

ΤΣΩΝ ΓΟΥΕΓΡΑΝΤ

ΚΑΤΑΠΛΗΚΤΙΚΟΣ ΠΡΟΕΚΛΟΓΙΚΟΣ ΘΡΙΑΜΒΟΣ ΤΟΥ ΥΠΟΨΗΦΙΟΥ κ. ΓΚΟΛΤΓΟΥΟΤΕΡ ΤΟ ΖΗΤΗΜΑ ΤΗΣ ΣΤΡΑΤΙΩΤΙΚΗΣ ΘΗΤΕΙΑΣ

ΑΘΗΝΑΙ, 4. (Ἀσ. Πρέσ).– Κατὰ τὰς πληροφορίας ἐκ τῶν ἁρμοδίων κύκλων, τὸ ζήτημα ἐξετάζεται ὑπὸ τῶν ἀρμοδίων ὑπηρεσιῶν καὶ ἀναμένεται ἡ λῆψις ἀποφάσεων ἐντὸς τῶν προσεχῶν ἡμερῶν. Αἱ διαπραγματεύσεις συνεχίζονται μὲ ἰδιαιτέραν ἔντασιν, ἐνῷ οἱ ἐκπρόσωποι τῶν ἐνδιαφερομένων μερῶν ἐπανέρχονται εἰς τὰς προτάσεις των. Ἐκ τῶν μέχρι τοῦδε στοιχείων προκύπτει ὅτι ἡ κατάστασις

ΠΡΟΣΔΟΚΙΕΣΙΣ

ΑΘΗΝΑΙ, 4. (Ἀσ. Πρέσ).– Κατὰ τὰς πληροφορίας ἐκ τῶν ἁρμοδίων κύκλων, τὸ ζήτημα ἐξετάζεται ὑπὸ τῶν ἀρμοδίων ὑπηρεσιῶν καὶ ἀναμένεται ἡ λῆψις

ΑΘΗΝΑΙ, 4. (Ἀσ. Πρέσ).– Κατὰ τὰς πληροφορίας ἐκ τῶν ἁρμοδίων κύκλων, τὸ ζήτημα ἐξετάζεται ὑπὸ τῶν ἀρμοδίων ὑπηρεσιῶν καὶ ἀναμένεται ἡ λῆψις ἀποφάσεων ἐντὸς τῶν προσεχῶν ἡμερῶν. Αἱ διαπραγματεύσεις συνεχίζονται μὲ

ΔΗΛΩΣΕΙΣ του κ. ΤΖΟΝΣΟΝ

ΑΘΗΝΑΙ, 4. (Ἀσ. Πρέσ).– Κατὰ τὰς πληροφορίας ἐκ τῶν ἁρμοδίων κύκλων, τὸ ζήτημα ἐξετάζεται ὑπὸ τῶν ἀρμοδίων ὑπηρεσιῶν καὶ ἀναμένεται ἡ λῆψις ἀποφάσεων ἐντὸς τῶν προσεχῶν ἡμερῶν. Αἱ διαπραγματεύσεις συνεχίζονται μὲ ἰδιαιτέραν ἔντασιν, ἐνῷ οἱ ἐκπρόσωποι τῶν ἐνδιαφερομένων μερῶν ἐπανέρχονται εἰς

ΕΙΔΙΚΑΙ ΑΠΟΣΤΟΛΑΙ ΑΓΓΛΩΝ ΔΙΔΑΣΚΑΛΩΝ ΑΝΤΑΛΛΑΣΟΥΝ ΤΑΣ ΓΝΩΣΕΙΣ ΤΩΝ ΜΕ ΣΥΝΑΔΕΛΦΟΥΣ ΤΩΝ ΧΩΡΩΝ ΤΗΣ ΑΦΡΙΚΗΣ

ΑΘΗΝΑΙ, 4. (Ἀσ. Πρέσ).– Κατὰ τὰς πληροφορίας ἐκ τῶν ἁρμοδίων κύκλων, τὸ ζήτημα ἐξετάζεται ὑπὸ τῶν ἀρμοδίων ὑπηρεσιῶν καὶ ἀναμένεται ἡ λῆψις ἀποφάσεων ἐντὸς τῶν προσεχῶν ἡμερῶν. Αἱ διαπραγματεύσεις συνεχίζονται μὲ ἰδιαιτέραν ἔντασιν, ἐνῷ οἱ ἐκπρόσωποι τῶν ἐνδιαφερομένων μερῶν ἐπανέρχονται εἰς τὰς προτάσεις των. Ἐκ τῶν μέχρι τοῦδε στοιχείων προκύπτει ὅτι ἡ κατάστασις παραμένει ἀμετάβλητος, ἐπιφυλασσομένης πάσης περαιτέρω ἐνεργείας. ΑΘΗΝΑΙ, 4. (Ἀσ. Πρέσ).– Κατὰ τὰς πληροφορίας ἐκ τῶν ἁρμοδίων κύκλων, τὸ ζήτημα ἐξετάζεται ὑπὸ τῶν ἀρμοδίων ὑπηρεσιῶν καὶ ἀναμένεται ἡ λῆψις ἀποφάσεων ἐντὸς τῶν προσεχῶν ἡμερῶν. Αἱ διαπραγματεύσεις συνεχίζονται μὲ ἰδιαιτέραν ἔντασιν, ἐνῷ οἱ ἐκπρόσωποι τῶν ἐνδιαφερομένων μερῶν ἐπανέρχονται εἰς τὰς προτάσεις των. Ἐκ τῶν μέχρι τοῦδε στοιχείων προκύπτει ὅτι ἡ κατάστασις παραμένει ἀμετάβλητος,

ΑΘΗΝΑΙ, 4. (Ἀσ. Πρέσ).– Κατὰ τὰς πληροφορίας ἐκ τῶν ἁρμοδίων κύκλων, τὸ ζήτημα ἐξετάζεται ὑπὸ τῶν ἀρμοδίων ὑπηρεσιῶν καὶ ἀναμένεται ἡ λῆψις ἀποφάσεων ἐντὸς τῶν προσεχῶν ἡμερῶν. Αἱ διαπραγματεύσεις συνεχίζονται μὲ ἰδιαιτέραν ἔντασιν, ἐνῷ οἱ ἐκπρόσωποι τῶν ἐνδιαφερομένων μερῶν ἐπανέρχονται εἰς τὰς προτάσεις των. Ἐκ τῶν μέχρι τοῦδε στοιχείων προκύπτει ὅτι ἡ κατάστασις παραμένει ἀμετάβλητος, ἐπιφυλασσομένης πάσης περαιτέρω ἐνεργείας. ΑΘΗΝΑΙ, 4. (Ἀσ. Πρέσ).– Κατὰ τὰς πληροφορίας ἐκ τῶν ἁρμοδίων κύκλων, τὸ ζήτημα ἐξετάζεται ὑπὸ τῶν ἀρμοδίων ὑπηρεσιῶν καὶ ἀναμένεται ἡ λῆψις ἀποφάσεων ἐντὸς τῶν προσεχῶν ἡμερῶν. Αἱ διαπραγματεύσεις συνεχίζονται μὲ ἰδιαιτέραν ἔντασιν, ἐνῷ οἱ ἐκπρόσωποι τῶν ἐνδιαφερομένων μερῶν ἐπανέρχονται εἰς τὰς προτάσεις των. Ἐκ τῶν μέχρι τοῦδε στοιχείων προκύπτει ὅτι ἡ κατάστασις παραμένει ἀμετάβλητος,

ΠΡΟΗΓΕΙΤΑΙ Ο ΧΡΙΣΤΙΑΝΟΔΗΜΟΚΡΑΤΗΣ ΦΡΕΪ ΚΑΤΑ 250.136 ΨΗΦΟΥΣ ΤΟΥ ΜΑΡΞΙΣΤΟΥ ΑΓΙΕΝΤΕ ΕΙΣ ΤΑΣ ΠΡΟΕΔΡΙΚΑΣ ΕΚΛΟΓΑΣ ΕΙΣ ΤΗΝ ΧΙΛΗΝ

ΑΘΗΝΑΙ, 4. (Ἀσ. Πρέσ).– Κατὰ τὰς πληροφορίας ἐκ τῶν ἁρμοδίων κύκλων, τὸ ζήτημα ἐξετάζεται ὑπὸ τῶν ἀρμοδίων ὑπηρεσιῶν καὶ ἀναμένεται ἡ λῆψις ἀποφάσεων ἐντὸς τῶν προσεχῶν ἡμερῶν. Αἱ διαπραγματεύσεις συνεχίζονται μὲ ἰδιαιτέραν ἔντασιν, ἐνῷ οἱ ἐκπρόσωποι τῶν ἐνδιαφερομένων μερῶν ἐπανέρχονται εἰς τὰς προτάσεις των. Ἐκ τῶν μέχρι τοῦδε στοιχείων προκύπτει ὅτι ἡ κατάστασις παραμένει ἀμετάβλητος, ἐπιφυλασσομένης πάσης περαιτέρω ἐνεργείας. ΑΘΗΝΑΙ, 4. (Ἀσ. Πρέσ).– Κατὰ τὰς πληροφορίας ἐκ τῶν ἁρμοδίων κύκλων, τὸ ζήτημα ἐξετάζεται ὑπὸ τῶν ἀρμοδίων ὑπηρεσιῶν καὶ ἀναμένεται ἡ λῆψις ἀποφάσεων ἐντὸς τῶν προσεχῶν ἡμερῶν. Αἱ διαπραγματεύσεις συνεχίζονται μὲ ἰδιαιτέραν ἔντασιν, ἐνῷ οἱ ἐκπρόσωποι τῶν ἐνδιαφερομένων μερῶν ἐπανέρχονται εἰς τὰς προτάσεις των. Ἐκ

ΑΘΗΝΑΙ, 4. (Ἀσ. Πρέσ).– Κατὰ τὰς πληροφορίας ἐκ τῶν ἁρμοδίων κύκλων, τὸ ζήτημα ἐξετάζεται ὑπὸ τῶν ἀρμοδίων ὑπηρεσιῶν καὶ ἀναμένεται ἡ λῆψις

ΠΑΝΔΕΞΙΩΝ ΤΗΝ ΝΙΓΚΑΝ

ΑΘΗΝΑΙ, 4. (Ἀσ. Πρέσ).– Κατὰ τὰς πληροφορίας ἐκ τῶν ἁρμοδίων κύκλων, τὸ ζήτημα ἐξετάζεται ὑπὸ τῶν ἀρμοδίων ὑπηρεσιῶν καὶ ἀναμένεται ἡ λῆψις ἀποφάσεων ἐντὸς τῶν προσεχῶν ἡμερῶν.

ΕΠΙΤΑΣΙΣ ΕΙΣ ΤΗΝ ΧΟΥΒΑΣ

ΑΘΗΝΑΙ, 4. (Ἀσ. Πρέσ).– Κατὰ τὰς πληροφορίας ἐκ τῶν ἁρμοδίων κύκλων, τὸ ζήτημα ἐξετάζεται ὑπὸ τῶν ἀρμοδίων ὑπηρεσιῶν καὶ ἀναμένεται ἡ λῆψις ἀποφάσεων ἐντὸς τῶν προσεχῶν ἡμερῶν.

ΘΡΙΑΜΒΟΣ ΤΟΥ ΑΓΙΕΝΤΕ

ΑΘΗΝΑΙ, 4. (Ἀσ. Πρέσ).– Κατὰ τὰς πληροφορίας ἐκ τῶν ἁρμοδίων κύκλων, τὸ ζήτημα ἐξετάζεται ὑπὸ τῶν ἀρμοδίων ὑπηρεσιῶν καὶ ἀναμένεται ἡ λῆψις
